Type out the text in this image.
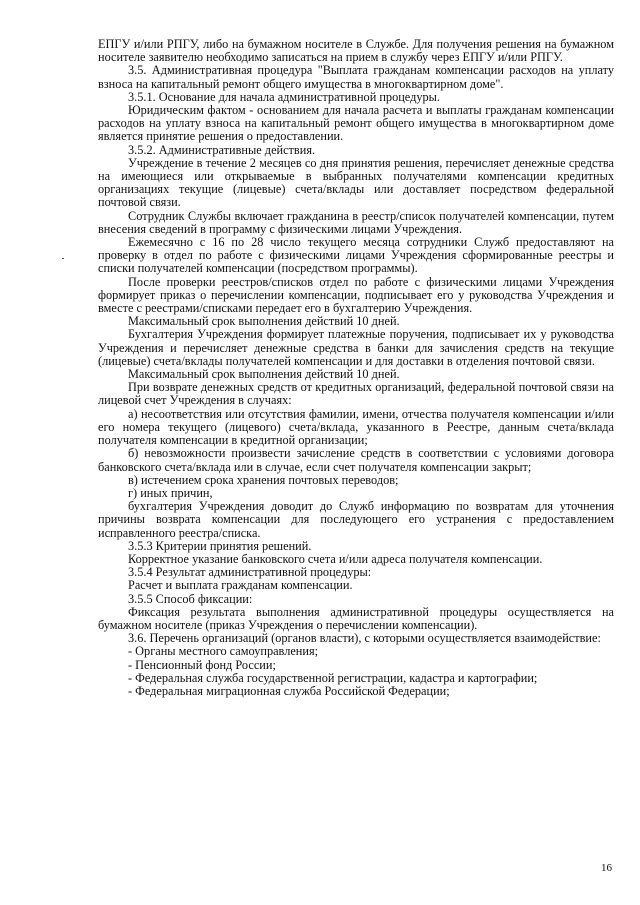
ЕПГУ и/или РПГУ, либо на бумажном носителе в Службе. Для получения решения на бумажном носителе заявителю необходимо записаться на прием в службу через ЕПГУ и/или РПГУ.

3.5. Административная процедура "Выплата гражданам компенсации расходов на уплату взноса на капитальный ремонт общего имущества в многоквартирном доме".

3.5.1. Основание для начала административной процедуры.

Юридическим фактом - основанием для начала расчета и выплаты гражданам компенсации расходов на уплату взноса на капитальный ремонт общего имущества в многоквартирном доме является принятие решения о предоставлении.

3.5.2. Административные действия.

Учреждение в течение 2 месяцев со дня принятия решения, перечисляет денежные средства на имеющиеся или открываемые в выбранных получателями компенсации кредитных организациях текущие (лицевые) счета/вклады или доставляет посредством федеральной почтовой связи.

Сотрудник Службы включает гражданина в реестр/список получателей компенсации, путем внесения сведений в программу с физическими лицами Учреждения.

Ежемесячно с 16 по 28 число текущего месяца сотрудники Служб предоставляют на проверку в отдел по работе с физическими лицами Учреждения сформированные реестры и списки получателей компенсации (посредством программы).

После проверки реестров/списков отдел по работе с физическими лицами Учреждения формирует приказ о перечислении компенсации, подписывает его у руководства Учреждения и вместе с реестрами/списками передает его в бухгалтерию Учреждения.

Максимальный срок выполнения действий 10 дней.

Бухгалтерия Учреждения формирует платежные поручения, подписывает их у руководства Учреждения и перечисляет денежные средства в банки для зачисления средств на текущие (лицевые) счета/вклады получателей компенсации и для доставки в отделения почтовой связи.

Максимальный срок выполнения действий 10 дней.

При возврате денежных средств от кредитных организаций, федеральной почтовой связи на лицевой счет Учреждения в случаях:

а) несоответствия или отсутствия фамилии, имени, отчества получателя компенсации и/или его номера текущего (лицевого) счета/вклада, указанного в Реестре, данным счета/вклада получателя компенсации в кредитной организации;

б) невозможности произвести зачисление средств в соответствии с условиями договора банковского счета/вклада или в случае, если счет получателя компенсации закрыт;

в) истечением срока хранения почтовых переводов;

г) иных причин,

бухгалтерия Учреждения доводит до Служб информацию по возвратам для уточнения причины возврата компенсации для последующего его устранения с предоставлением исправленного реестра/списка.

3.5.3 Критерии принятия решений.

Корректное указание банковского счета и/или адреса получателя компенсации.

3.5.4 Результат административной процедуры:

Расчет и выплата гражданам компенсации.

3.5.5 Способ фиксации:

Фиксация результата выполнения административной процедуры осуществляется на бумажном носителе (приказ Учреждения о перечислении компенсации).

3.6. Перечень организаций (органов власти), с которыми осуществляется взаимодействие:

- Органы местного самоуправления;

- Пенсионный фонд России;

- Федеральная служба государственной регистрации, кадастра и картографии;

- Федеральная миграционная служба Российской Федерации;

16
